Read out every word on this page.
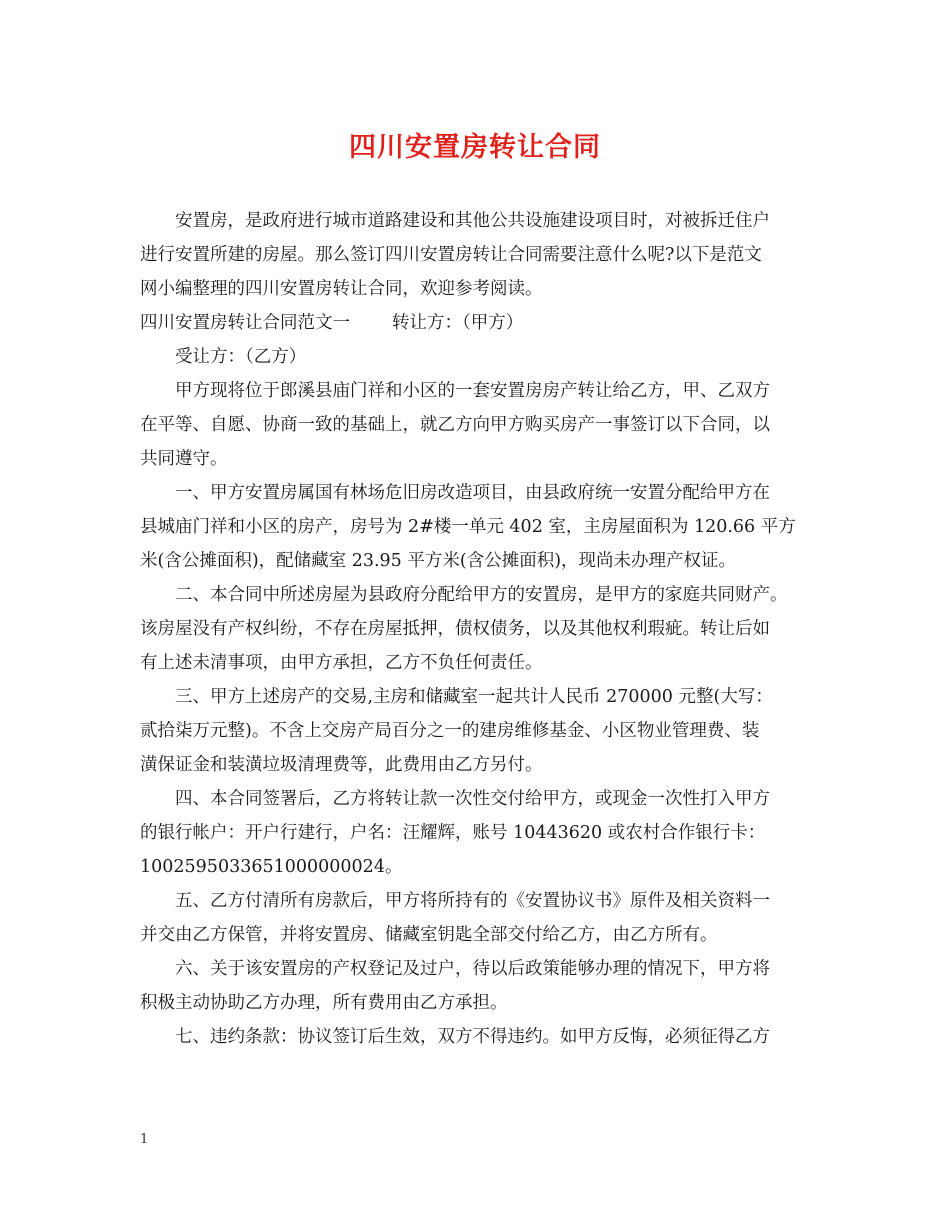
四川安置房转让合同

安置房，是政府进行城市道路建设和其他公共设施建设项目时，对被拆迁住户
进行安置所建的房屋。那么签订四川安置房转让合同需要注意什么呢?以下是范文
网小编整理的四川安置房转让合同，欢迎参考阅读。

四川安置房转让合同范文一 转让方：（甲方）

受让方：（乙方）

甲方现将位于郎溪县庙门祥和小区的一套安置房房产转让给乙方，甲、乙双方
在平等、自愿、协商一致的基础上，就乙方向甲方购买房产一事签订以下合同，以
共同遵守。

一、甲方安置房属国有林场危旧房改造项目，由县政府统一安置分配给甲方在
县城庙门祥和小区的房产，房号为 2#楼一单元 402 室，主房屋面积为 120.66 平方
米(含公摊面积)，配储藏室 23.95 平方米(含公摊面积)，现尚未办理产权证。

二、本合同中所述房屋为县政府分配给甲方的安置房，是甲方的家庭共同财产。
该房屋没有产权纠纷，不存在房屋抵押，债权债务，以及其他权利瑕疵。转让后如
有上述未清事项，由甲方承担，乙方不负任何责任。

三、甲方上述房产的交易,主房和储藏室一起共计人民币 270000 元整(大写：
贰拾柒万元整)。不含上交房产局百分之一的建房维修基金、小区物业管理费、装
潢保证金和装潢垃圾清理费等，此费用由乙方另付。

四、本合同签署后，乙方将转让款一次性交付给甲方，或现金一次性打入甲方
的银行帐户：开户行建行，户名：汪耀辉，账号 10443620 或农村合作银行卡：
1002595033651000000024。

五、乙方付清所有房款后，甲方将所持有的《安置协议书》原件及相关资料一
并交由乙方保管，并将安置房、储藏室钥匙全部交付给乙方，由乙方所有。

六、关于该安置房的产权登记及过户，待以后政策能够办理的情况下，甲方将
积极主动协助乙方办理，所有费用由乙方承担。

七、违约条款：协议签订后生效，双方不得违约。如甲方反悔，必须征得乙方

1
